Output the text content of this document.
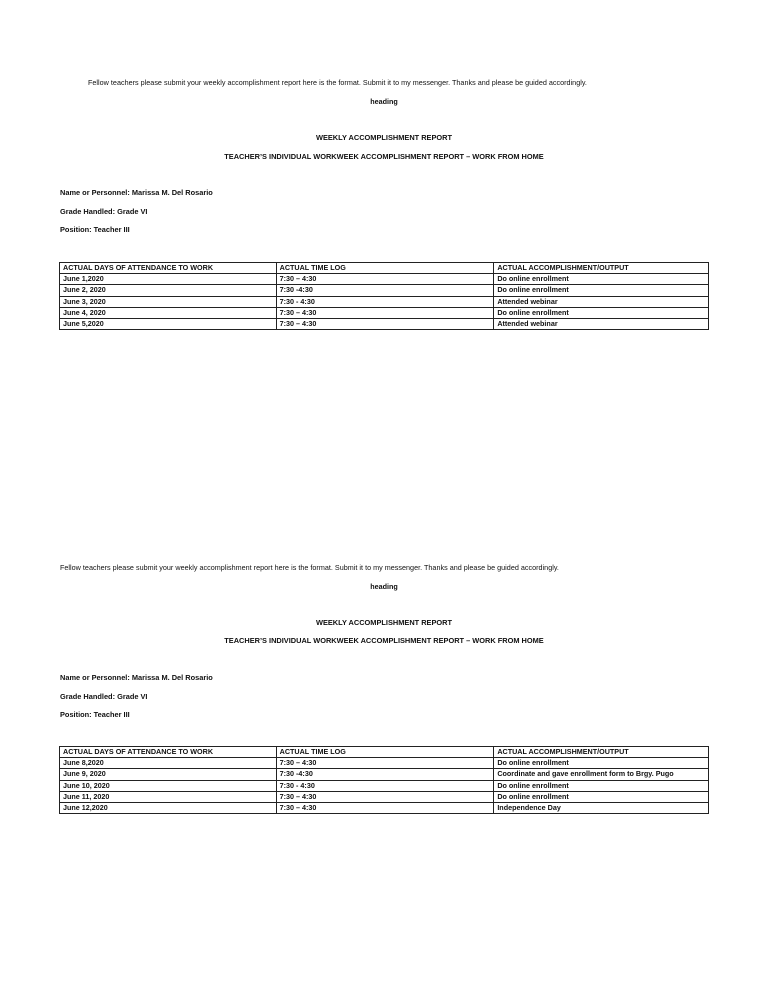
Fellow teachers please submit your weekly accomplishment report here is the format. Submit it to my messenger. Thanks and please be guided accordingly.
heading
WEEKLY ACCOMPLISHMENT REPORT
TEACHER’S INDIVIDUAL WORKWEEK ACCOMPLISHMENT REPORT – WORK FROM HOME
Name or Personnel: Marissa M. Del Rosario
Grade Handled: Grade VI
Position: Teacher III
ACTUAL DAYS OF ATTENDANCE TO WORK	ACTUAL TIME LOG	ACTUAL ACCOMPLISHMENT/OUTPUT
June 1,2020	7:30 – 4:30	Do online enrollment
June 2, 2020	7:30 -4:30	Do online enrollment
June 3, 2020	7:30 - 4:30	Attended webinar
June 4, 2020	7:30 – 4:30	Do online enrollment
June 5,2020	7:30 – 4:30	Attended webinar
Fellow teachers please submit your weekly accomplishment report here is the format. Submit it to my messenger. Thanks and please be guided accordingly.
heading
WEEKLY ACCOMPLISHMENT REPORT
TEACHER’S INDIVIDUAL WORKWEEK ACCOMPLISHMENT REPORT – WORK FROM HOME
Name or Personnel: Marissa M. Del Rosario
Grade Handled: Grade VI
Position: Teacher III
ACTUAL DAYS OF ATTENDANCE TO WORK	ACTUAL TIME LOG	ACTUAL ACCOMPLISHMENT/OUTPUT
June 8,2020	7:30 – 4:30	Do online enrollment
June 9, 2020	7:30 -4:30	Coordinate and gave enrollment form to Brgy. Pugo
June 10, 2020	7:30 - 4:30	Do online enrollment
June 11, 2020	7:30 – 4:30	Do online enrollment
June 12,2020	7:30 – 4:30	Independence Day
